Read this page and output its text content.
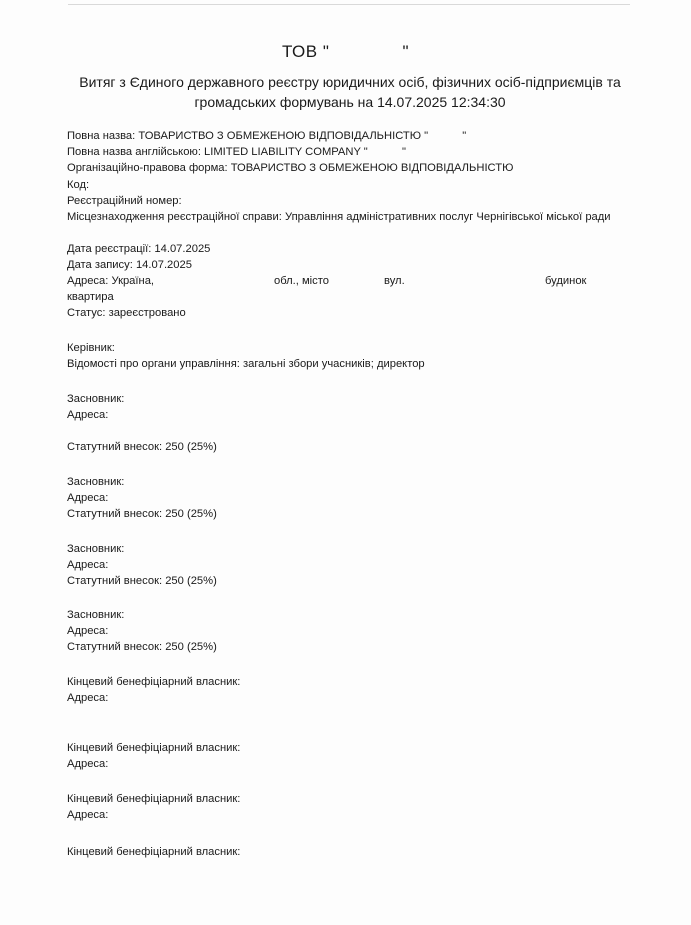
ТОВ "              "
Витяг з Єдиного державного реєстру юридичних осіб, фізичних осіб-підприємців та громадських формувань на 14.07.2025 12:34:30
Повна назва: ТОВАРИСТВО З ОБМЕЖЕНОЮ ВІДПОВІДАЛЬНІСТЮ "           "
Повна назва англійською: LIMITED LIABILITY COMPANY "           "
Організаційно-правова форма: ТОВАРИСТВО З ОБМЕЖЕНОЮ ВІДПОВІДАЛЬНІСТЮ
Код:
Реєстраційний номер:
Місцезнаходження реєстраційної справи: Управління адміністративних послуг Чернігівської міської ради
Дата реєстрації: 14.07.2025
Дата запису: 14.07.2025
Адреса: Україна,	обл., місто	вул.	будинок
квартира
Статус: зареєстровано
Керівник:
Відомості про органи управління: загальні збори учасників; директор
Засновник:
Адреса:
Статутний внесок: 250 (25%)
Засновник:
Адреса:
Статутний внесок: 250 (25%)
Засновник:
Адреса:
Статутний внесок: 250 (25%)
Засновник:
Адреса:
Статутний внесок: 250 (25%)
Кінцевий бенефіціарний власник:
Адреса:
Кінцевий бенефіціарний власник:
Адреса:
Кінцевий бенефіціарний власник:
Адреса:
Кінцевий бенефіціарний власник:
